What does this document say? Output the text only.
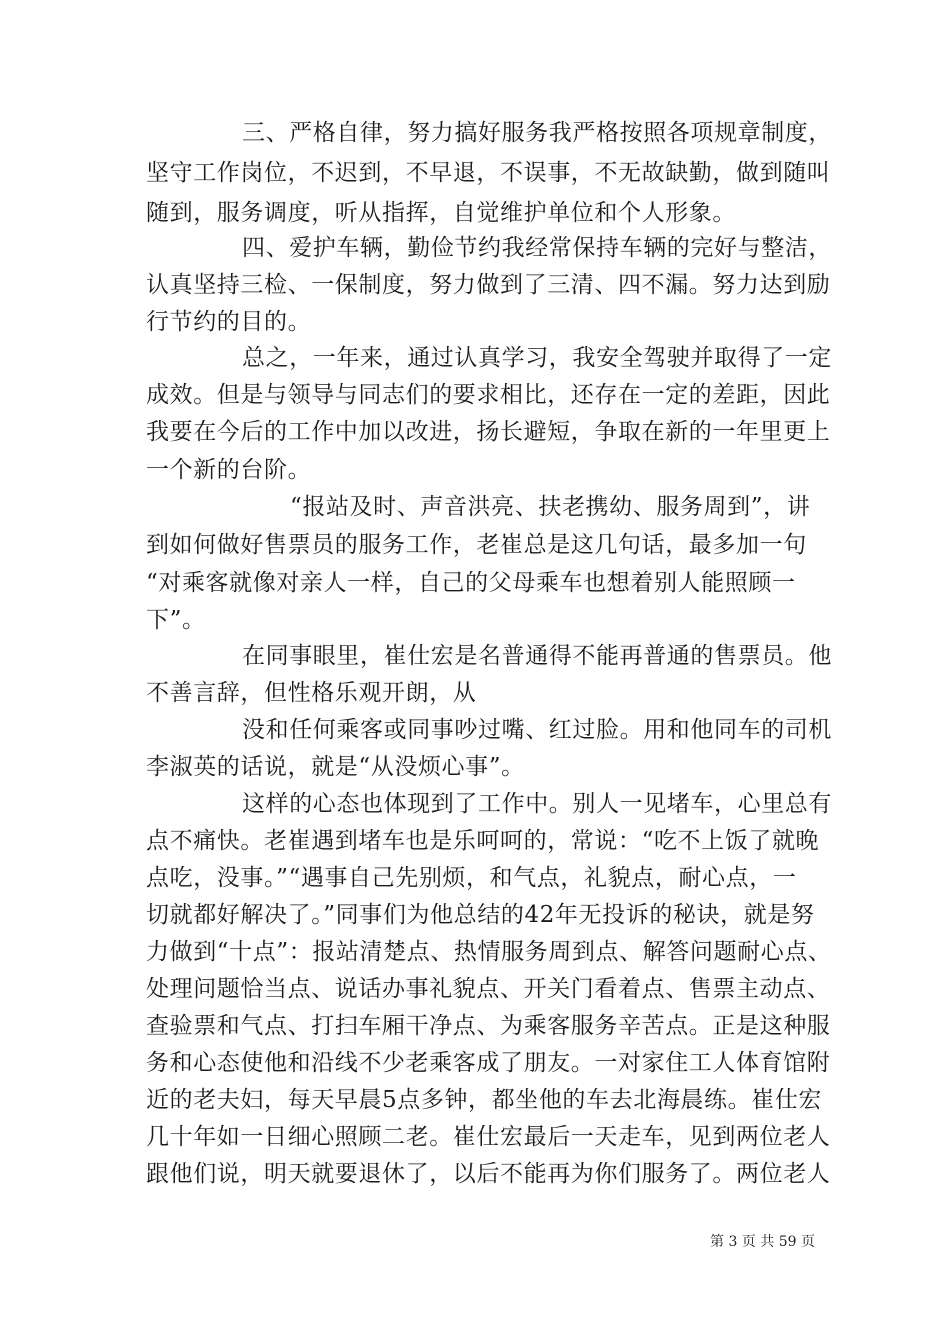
三、严格自律，努力搞好服务我严格按照各项规章制度，
坚守工作岗位，不迟到，不早退，不误事，不无故缺勤，做到随叫
随到，服务调度，听从指挥，自觉维护单位和个人形象。
四、爱护车辆，勤俭节约我经常保持车辆的完好与整洁，
认真坚持三检、一保制度，努力做到了三清、四不漏。努力达到励
行节约的目的。
总之，一年来，通过认真学习，我安全驾驶并取得了一定
成效。但是与领导与同志们的要求相比，还存在一定的差距，因此
我要在今后的工作中加以改进，扬长避短，争取在新的一年里更上
一个新的台阶。
“报站及时、声音洪亮、扶老携幼、服务周到”，讲
到如何做好售票员的服务工作，老崔总是这几句话，最多加一句
“对乘客就像对亲人一样，自己的父母乘车也想着别人能照顾一
下”。
在同事眼里，崔仕宏是名普通得不能再普通的售票员。他
不善言辞，但性格乐观开朗，从
没和任何乘客或同事吵过嘴、红过脸。用和他同车的司机
李淑英的话说，就是“从没烦心事”。
这样的心态也体现到了工作中。别人一见堵车，心里总有
点不痛快。老崔遇到堵车也是乐呵呵的，常说：“吃不上饭了就晚
点吃，没事。”“遇事自己先别烦，和气点，礼貌点，耐心点，一
切就都好解决了。”同事们为他总结的42年无投诉的秘诀，就是努
力做到“十点”：报站清楚点、热情服务周到点、解答问题耐心点、
处理问题恰当点、说话办事礼貌点、开关门看着点、售票主动点、
查验票和气点、打扫车厢干净点、为乘客服务辛苦点。正是这种服
务和心态使他和沿线不少老乘客成了朋友。一对家住工人体育馆附
近的老夫妇，每天早晨5点多钟，都坐他的车去北海晨练。崔仕宏
几十年如一日细心照顾二老。崔仕宏最后一天走车，见到两位老人
跟他们说，明天就要退休了，以后不能再为你们服务了。两位老人
第 3 页 共 59 页
